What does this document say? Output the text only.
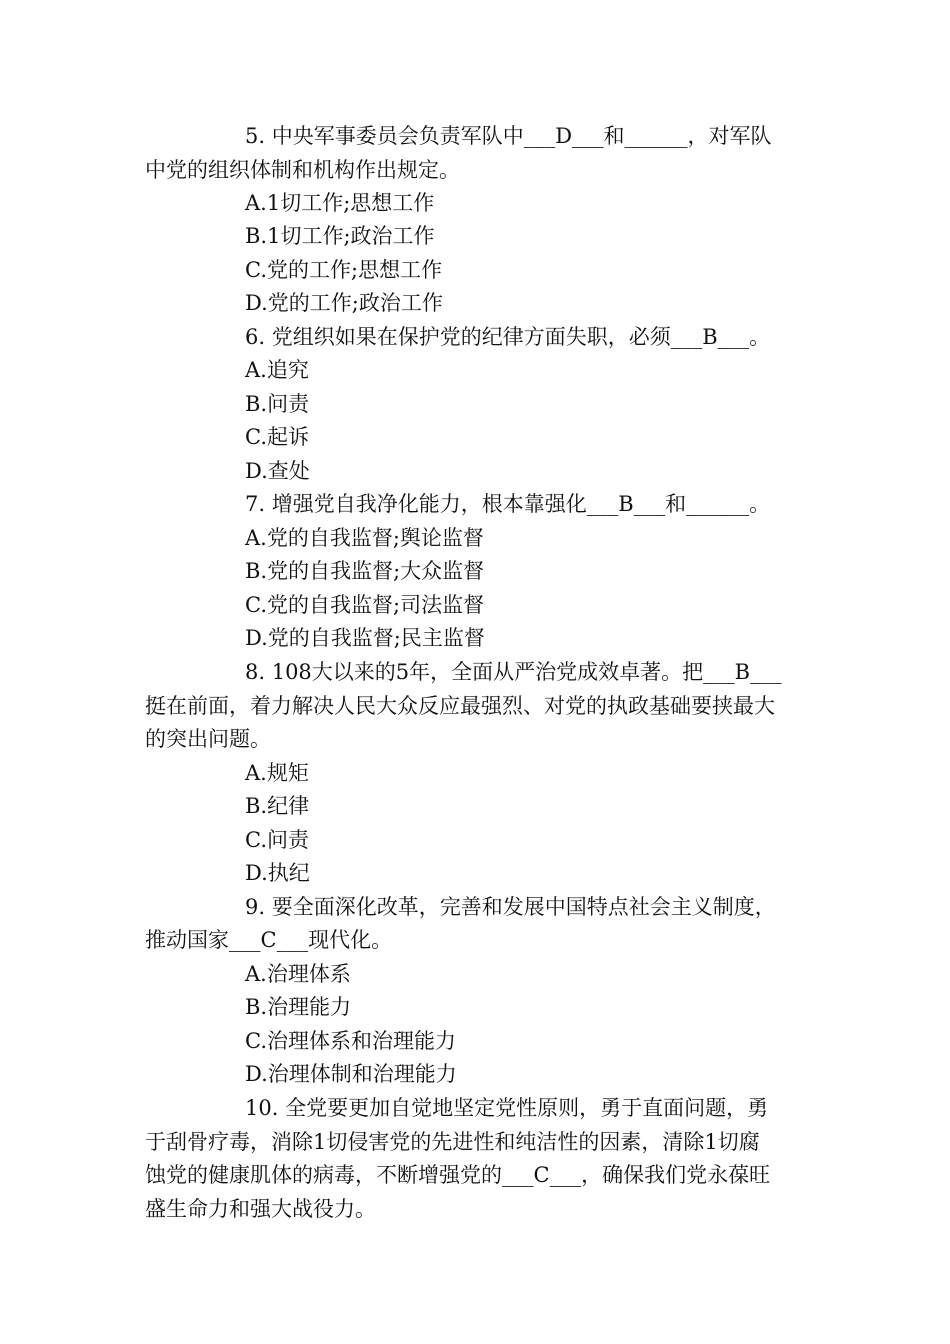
5. 中央军事委员会负责军队中___D___和______，对军队
中党的组织体制和机构作出规定。
A.1切工作;思想工作
B.1切工作;政治工作
C.党的工作;思想工作
D.党的工作;政治工作
6. 党组织如果在保护党的纪律方面失职，必须___B___。
A.追究
B.问责
C.起诉
D.查处
7. 增强党自我净化能力，根本靠强化___B___和______。
A.党的自我监督;舆论监督
B.党的自我监督;大众监督
C.党的自我监督;司法监督
D.党的自我监督;民主监督
8. 108大以来的5年，全面从严治党成效卓著。把___B___
挺在前面，着力解决人民大众反应最强烈、对党的执政基础要挟最大
的突出问题。
A.规矩
B.纪律
C.问责
D.执纪
9. 要全面深化改革，完善和发展中国特点社会主义制度，
推动国家___C___现代化。
A.治理体系
B.治理能力
C.治理体系和治理能力
D.治理体制和治理能力
10. 全党要更加自觉地坚定党性原则，勇于直面问题，勇
于刮骨疗毒，消除1切侵害党的先进性和纯洁性的因素，清除1切腐
蚀党的健康肌体的病毒，不断增强党的___C___，确保我们党永葆旺
盛生命力和强大战役力。
